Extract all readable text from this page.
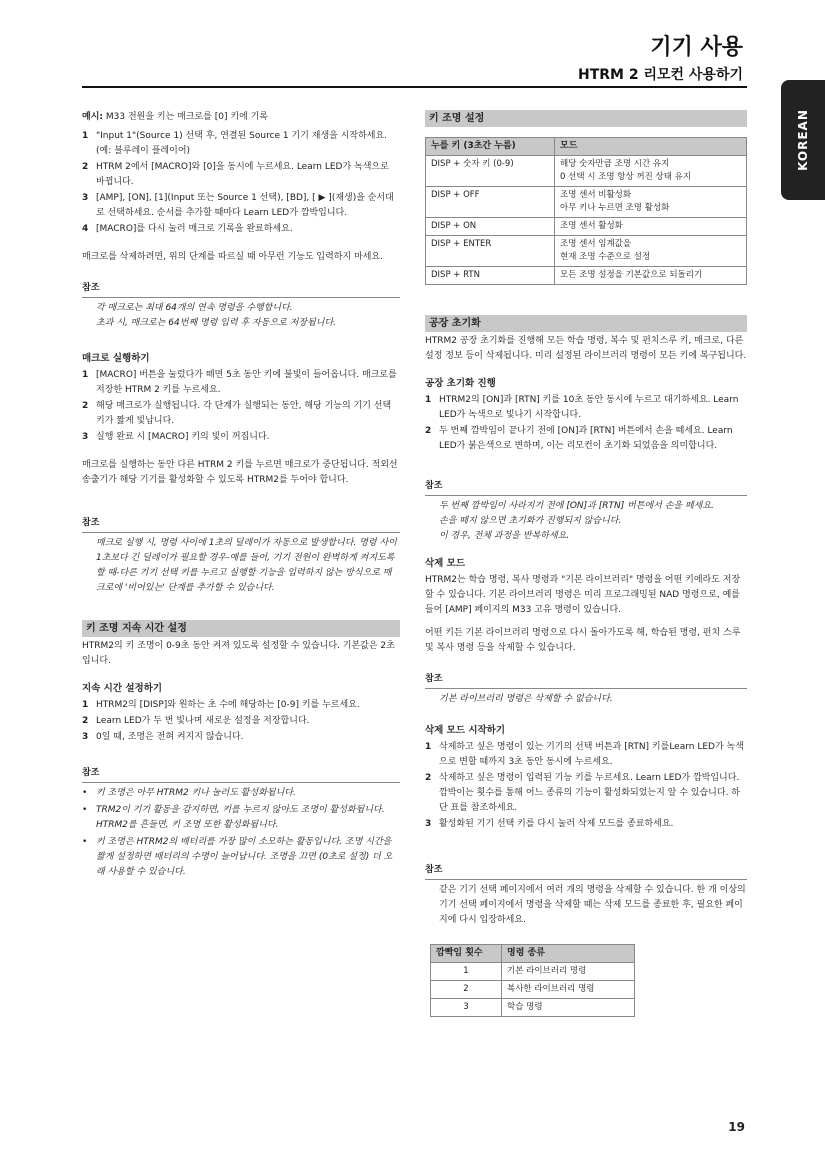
기기 사용
HTRM 2 리모컨 사용하기
KOREAN

예시: M33 전원을 키는 매크로를 [0] 키에 기록

1 "Input 1"(Source 1) 선택 후, 연결된 Source 1 기기 재생을 시작하세요. (예: 블루레이 플레이어)
2 HTRM 2에서 [MACRO]와 [0]을 동시에 누르세요. Learn LED가 녹색으로 바뀝니다.
3 [AMP], [ON], [1](Input 또는 Source 1 선택), [BD], [ ▶ ](재생)을 순서대로 선택하세요. 순서를 추가할 때마다 Learn LED가 깜박입니다.
4 [MACRO]를 다시 눌러 매크로 기록을 완료하세요.

매크로를 삭제하려면, 위의 단계를 따르실 때 아무런 기능도 입력하지 마세요.

참조
각 매크로는 최대 64개의 연속 명령을 수행합니다.
초과 시, 매크로는 64번째 명령 입력 후 자동으로 저장됩니다.
매크로 실행하기
1 [MACRO] 버튼을 눌렀다가 떼면 5초 동안 키에 불빛이 들어옵니다. 매크로를 저장한 HTRM 2 키를 누르세요.
2 해당 매크로가 실행됩니다. 각 단계가 실행되는 동안, 해당 기능의 기기 선택 키가 짧게 빛납니다.
3 실행 완료 시 [MACRO] 키의 빛이 꺼집니다.

매크로를 실행하는 동안 다른 HTRM 2 키를 누르면 매크로가 중단됩니다. 적외선 송출기가 해당 기기를 활성화할 수 있도록 HTRM2를 두어야 합니다.

참조
매크로 실행 시, 명령 사이에 1초의 딜레이가 자동으로 발생합니다. 명령 사이 1초보다 긴 딜레이가 필요할 경우-예를 들어, 기기 전원이 완벽하게 켜지도록 할 때-다른 기기 선택 키를 누르고 실행할 기능을 입력하지 않는 방식으로 매크로에 '비어있는' 단계를 추가할 수 있습니다.
키 조명 지속 시간 설정

HTRM2의 키 조명이 0-9초 동안 켜져 있도록 설정할 수 있습니다. 기본값은 2초입니다.

지속 시간 설정하기
1 HTRM2의 [DISP]와 원하는 초 수에 해당하는 [0-9] 키를 누르세요.
2 Learn LED가 두 번 빛나며 새로운 설정을 저장합니다.
3 0일 때, 조명은 전혀 켜지지 않습니다.
참조
• 키 조명은 아무 HTRM2 키나 눌러도 활성화됩니다.
• TRM2이 기기 활동을 감지하면, 키를 누르지 않아도 조명이 활성화됩니다. HTRM2를 흔들면, 키 조명 또한 활성화됩니다.
• 키 조명은 HTRM2의 배터리를 가장 많이 소모하는 활동입니다. 조명 시간을 짧게 설정하면 배터리의 수명이 늘어납니다. 조명을 끄면 (0초로 설정) 더 오래 사용할 수 있습니다.
키 조명 설정
누를 키 (3초간 누름)	모드
DISP + 숫자 키 (0-9)	해당 숫자만큼 조명 시간 유지
0 선택 시 조명 항상 꺼진 상태 유지
DISP + OFF	조명 센서 비활성화
아무 키나 누르면 조명 활성화
DISP + ON	조명 센서 활성화
DISP + ENTER	조명 센서 임계값을
현재 조명 수준으로 설정
DISP + RTN	모든 조명 설정을 기본값으로 되돌리기
공장 초기화

HTRM2 공장 초기화를 진행해 모든 학습 명령, 복수 및 펀치스루 키, 매크로, 다른 설정 정보 등이 삭제됩니다. 미리 설정된 라이브러리 명령이 모든 키에 복구됩니다.

공장 초기화 진행
1 HTRM2의 [ON]과 [RTN] 키를 10초 동안 동시에 누르고 대기하세요. Learn LED가 녹색으로 빛나기 시작합니다.
2 두 번째 깜박임이 끝나기 전에 [ON]과 [RTN] 버튼에서 손을 떼세요. Learn LED가 붉은색으로 변하며, 이는 리모컨이 초기화 되었음을 의미합니다.
참조
두 번째 깜박임이 사라지기 전에 [ON]과 [RTN] 버튼에서 손을 떼세요.
손을 떼지 않으면 초기화가 진행되지 않습니다.
이 경우, 전체 과정을 반복하세요.
삭제 모드

HTRM2는 학습 명령, 복사 명령과 "기본 라이브러리" 명령을 어떤 키에라도 저장할 수 있습니다. 기본 라이브러리 명령은 미리 프로그래밍된 NAD 명령으로, 예를 들어 [AMP] 페이지의 M33 고유 명령이 있습니다.

어떤 키든 기본 라이브러리 명령으로 다시 돌아가도록 해, 학습된 명령, 펀치 스루 및 복사 명령 등을 삭제할 수 있습니다.

참조
기본 라이브러리 명령은 삭제할 수 없습니다.
삭제 모드 시작하기
1 삭제하고 싶은 명령이 있는 기기의 선택 버튼과 [RTN] 키를Learn LED가 녹색으로 변할 때까지 3초 동안 동시에 누르세요.
2 삭제하고 싶은 명령이 입력된 기능 키를 누르세요. Learn LED가 깜박입니다. 깜박이는 횟수를 통해 어느 종류의 기능이 활성화되었는지 알 수 있습니다. 하단 표를 참조하세요.
3 활성화된 기기 선택 키를 다시 눌러 삭제 모드를 종료하세요.
참조
같은 기기 선택 페이지에서 여러 개의 명령을 삭제할 수 있습니다. 한 개 이상의 기기 선택 페이지에서 명령을 삭제할 때는 삭제 모드를 종료한 후, 필요한 페이지에 다시 입장하세요.
깜빡임 횟수	명령 종류
1	기본 라이브러리 명령
2	복사한 라이브러리 명령
3	학습 명령
19
